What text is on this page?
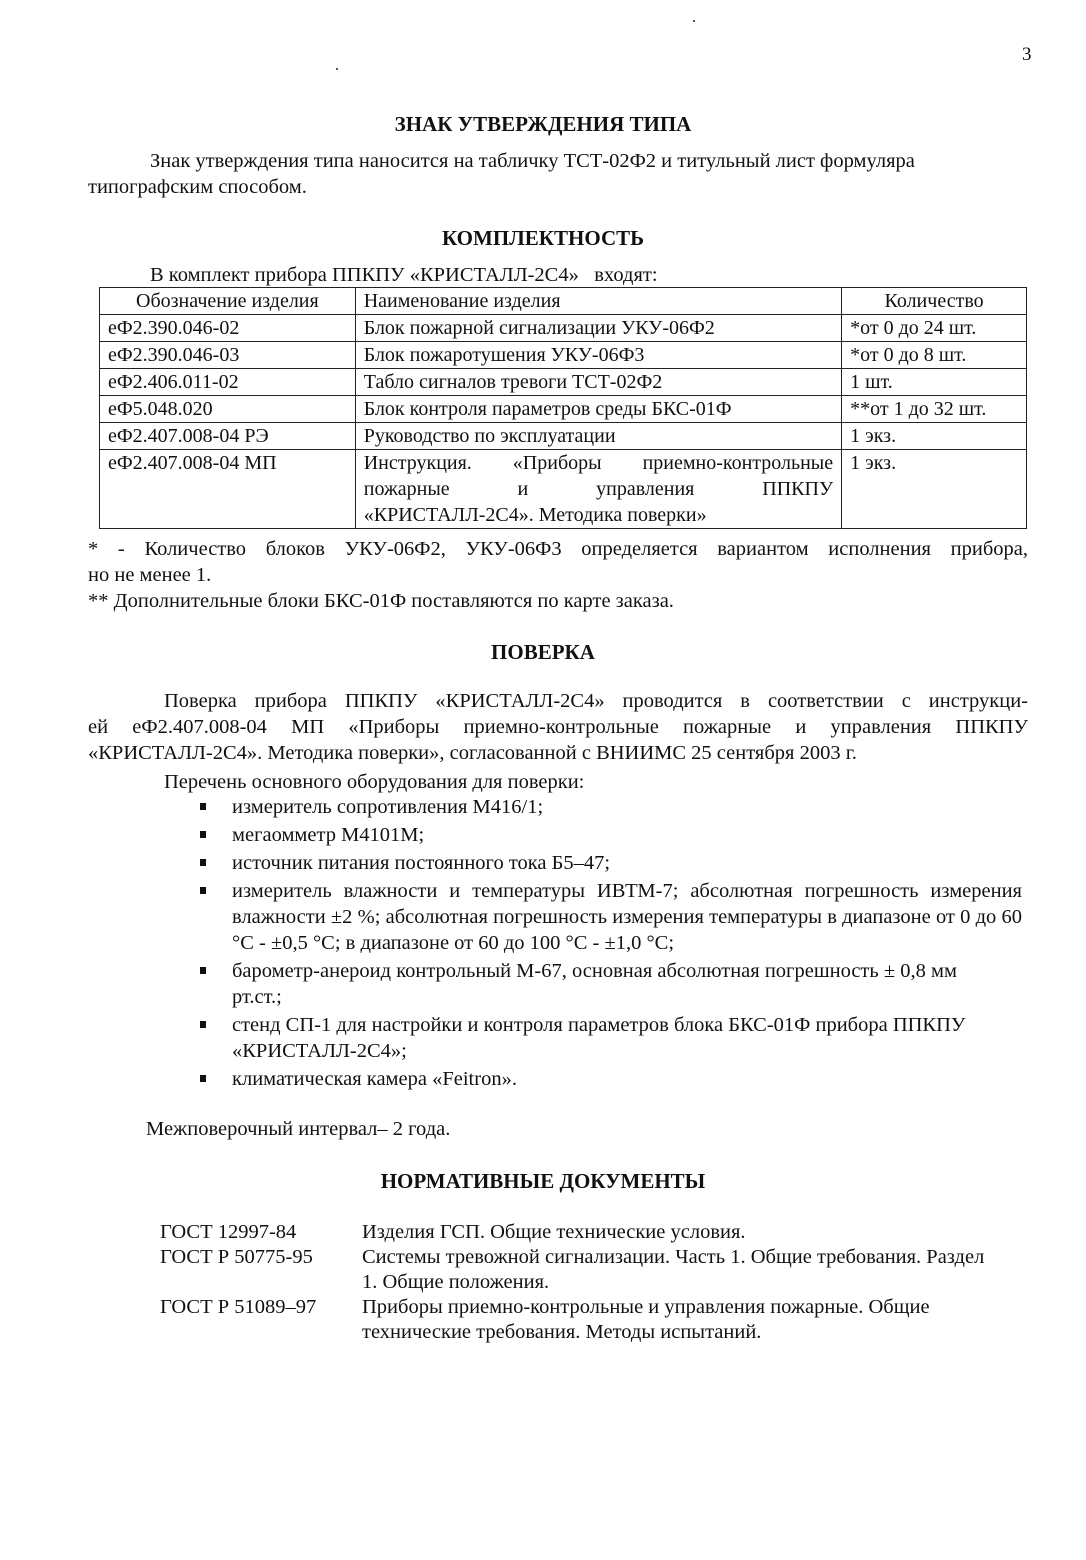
3
ЗНАК УТВЕРЖДЕНИЯ ТИПА

Знак утверждения типа наносится на табличку ТСТ-02Ф2 и титульный лист формуляра
типографским способом.

КОМПЛЕКТНОСТЬ

В комплект прибора ППКПУ «КРИСТАЛЛ-2С4»   входят:

Обозначение изделия	Наименование изделия	Количество
еФ2.390.046-02	Блок пожарной сигнализации УКУ-06Ф2	*от 0 до 24 шт.
еФ2.390.046-03	Блок пожаротушения УКУ-06Ф3	*от 0 до 8 шт.
еФ2.406.011-02	Табло сигналов тревоги ТСТ-02Ф2	1 шт.
еФ5.048.020	Блок контроля параметров среды БКС-01Ф	**от 1 до 32 шт.
еФ2.407.008-04 РЭ	Руководство по эксплуатации	1 экз.
еФ2.407.008-04 МП	Инструкция. «Приборы приемно-контрольные
пожарные и управления ППКПУ
«КРИСТАЛЛ-2С4». Методика поверки»	1 экз.

* - Количество блоков УКУ-06Ф2, УКУ-06Ф3 определяется вариантом исполнения прибора,
но не менее 1.

** Дополнительные блоки БКС-01Ф поставляются по карте заказа.

ПОВЕРКА

Поверка прибора ППКПУ «КРИСТАЛЛ-2С4» проводится в соответствии с инструкци-
ей еФ2.407.008-04 МП «Приборы приемно-контрольные пожарные и управления ППКПУ
«КРИСТАЛЛ-2С4». Методика поверки», согласованной с ВНИИМС 25 сентября 2003 г.

Перечень основного оборудования для поверки:

измеритель сопротивления М416/1;
мегаомметр М4101М;
источник питания постоянного тока Б5–47;
измеритель влажности и температуры ИВТМ-7; абсолютная погрешность измерения влажности ±2 %; абсолютная погрешность измерения температуры в диапазоне от 0 до 60 °С - ±0,5 °С; в диапазоне от 60 до 100 °С - ±1,0 °С;
барометр-анероид контрольный М-67, основная абсолютная погрешность ± 0,8 мм рт.ст.;
стенд СП-1 для настройки и контроля параметров блока БКС-01Ф прибора ППКПУ «КРИСТАЛЛ-2С4»;
климатическая камера «Feitron».

Межповерочный интервал– 2 года.

НОРМАТИВНЫЕ ДОКУМЕНТЫ
ГОСТ 12997-84	Изделия ГСП. Общие технические условия.
ГОСТ Р 50775-95	Системы тревожной сигнализации. Часть 1. Общие требования. Раздел 1. Общие положения.
ГОСТ Р 51089–97	Приборы приемно-контрольные и управления пожарные. Общие технические требования. Методы испытаний.
